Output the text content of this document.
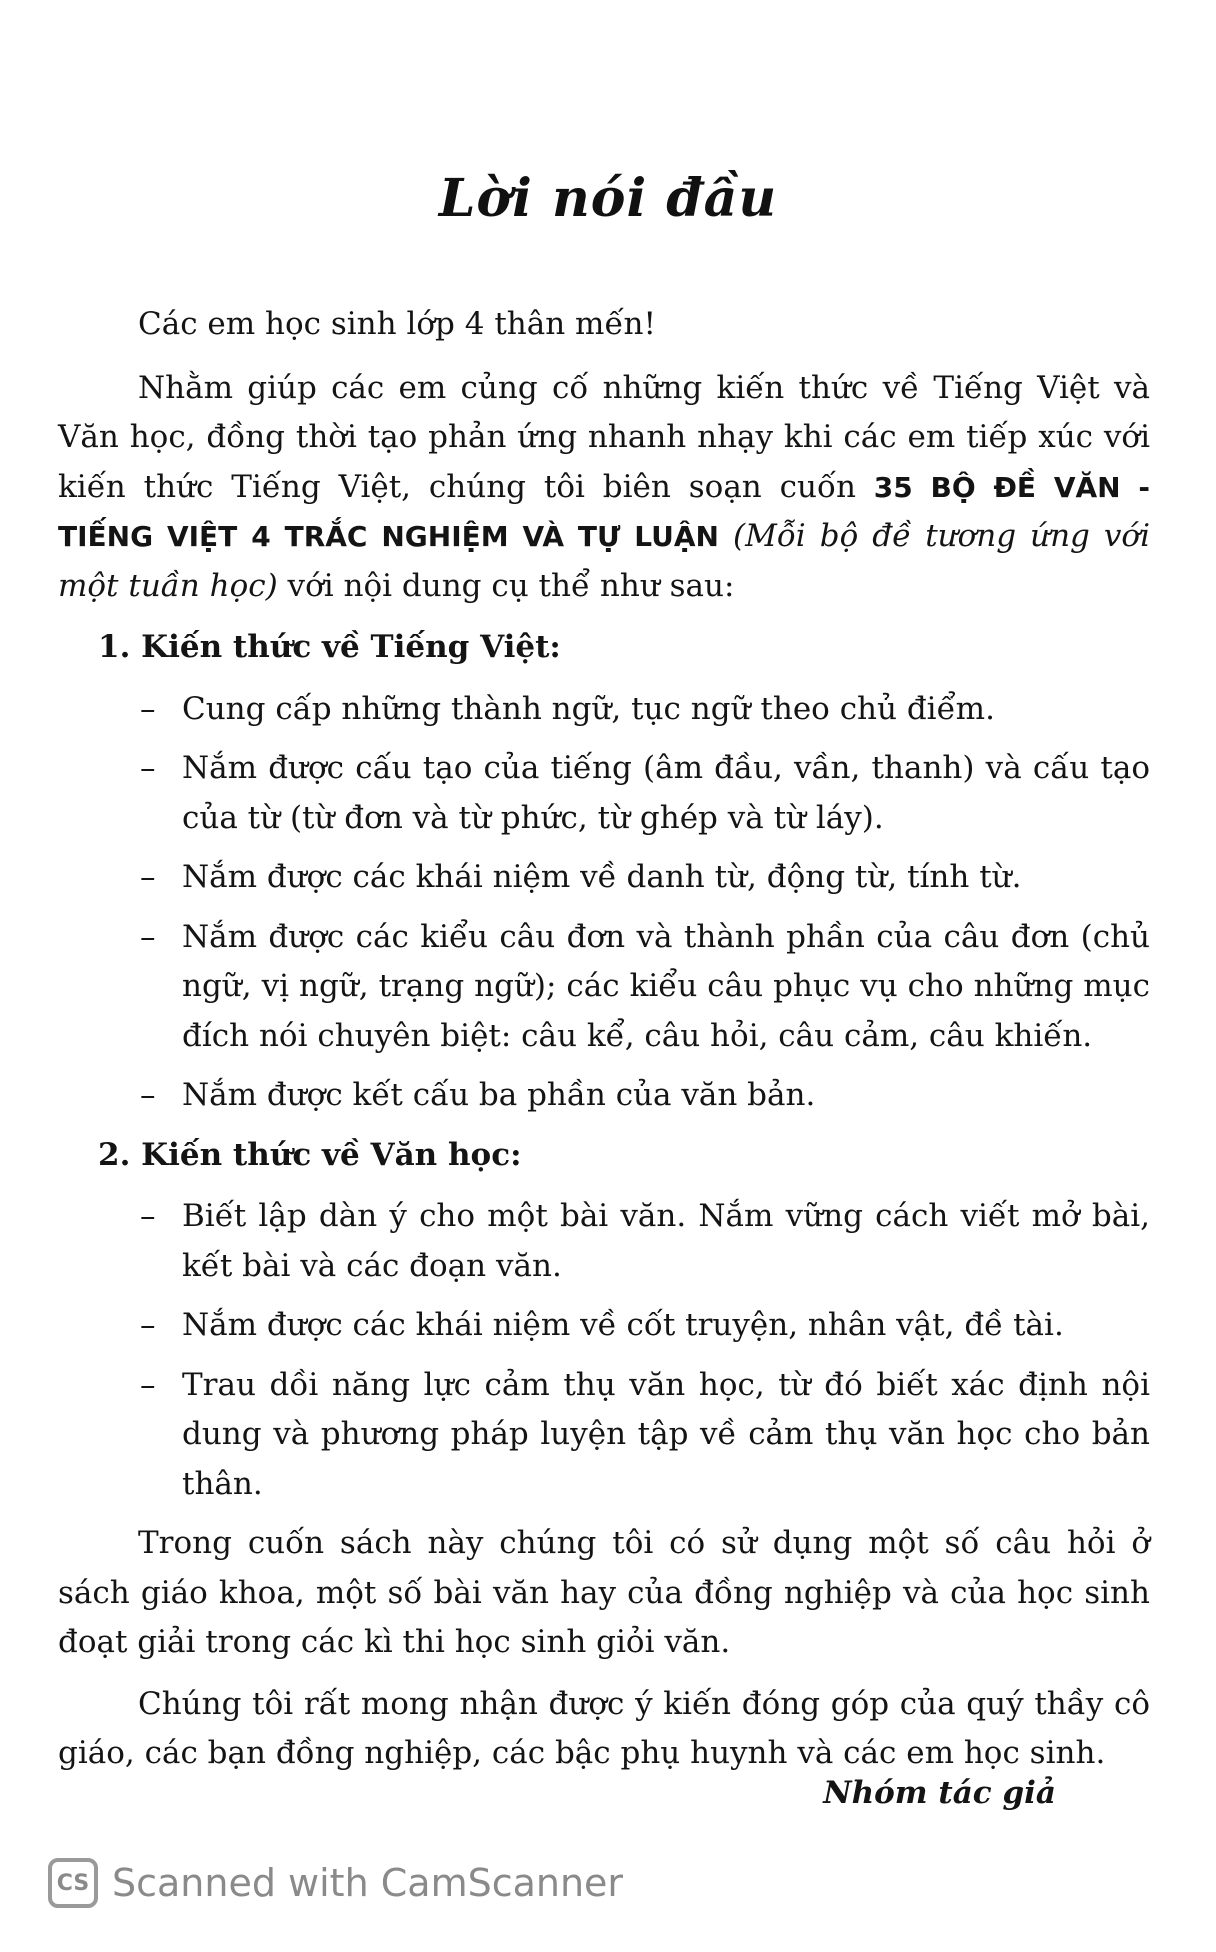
Lời nói đầu

Các em học sinh lớp 4 thân mến!

Nhằm giúp các em củng cố những kiến thức về Tiếng Việt và Văn học, đồng thời tạo phản ứng nhanh nhạy khi các em tiếp xúc với kiến thức Tiếng Việt, chúng tôi biên soạn cuốn 35 BỘ ĐỀ VĂN - TIẾNG VIỆT 4 TRẮC NGHIỆM VÀ TỰ LUẬN (Mỗi bộ đề tương ứng với một tuần học) với nội dung cụ thể như sau:

1. Kiến thức về Tiếng Việt:
– Cung cấp những thành ngữ, tục ngữ theo chủ điểm.
– Nắm được cấu tạo của tiếng (âm đầu, vần, thanh) và cấu tạo của từ (từ đơn và từ phức, từ ghép và từ láy).
– Nắm được các khái niệm về danh từ, động từ, tính từ.
– Nắm được các kiểu câu đơn và thành phần của câu đơn (chủ ngữ, vị ngữ, trạng ngữ); các kiểu câu phục vụ cho những mục đích nói chuyên biệt: câu kể, câu hỏi, câu cảm, câu khiến.
– Nắm được kết cấu ba phần của văn bản.
2. Kiến thức về Văn học:
– Biết lập dàn ý cho một bài văn. Nắm vững cách viết mở bài, kết bài và các đoạn văn.
– Nắm được các khái niệm về cốt truyện, nhân vật, đề tài.
– Trau dồi năng lực cảm thụ văn học, từ đó biết xác định nội dung và phương pháp luyện tập về cảm thụ văn học cho bản thân.

Trong cuốn sách này chúng tôi có sử dụng một số câu hỏi ở sách giáo khoa, một số bài văn hay của đồng nghiệp và của học sinh đoạt giải trong các kì thi học sinh giỏi văn.

Chúng tôi rất mong nhận được ý kiến đóng góp của quý thầy cô giáo, các bạn đồng nghiệp, các bậc phụ huynh và các em học sinh.

Nhóm tác giả
CS Scanned with CamScanner
